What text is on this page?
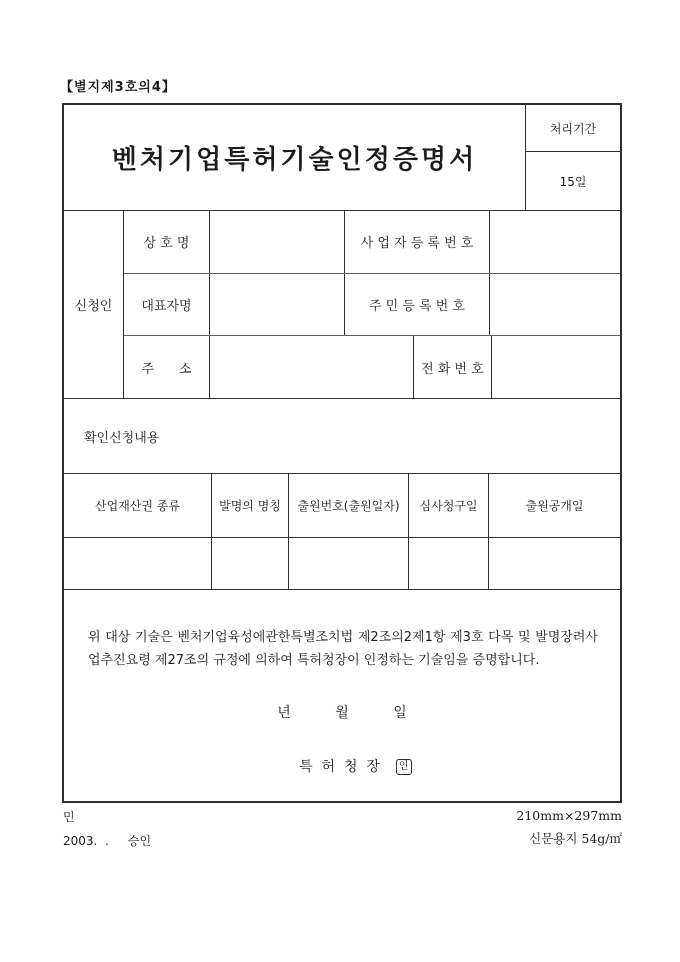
【별지제3호의4】
벤처기업특허기술인정증명서
처리기간
15일
신청인
상 호 명	사 업 자 등 록 번 호
대표자명	주 민 등 록 번 호
주      소	전 화 번 호
확인신청내용
산업재산권 종류	발명의 명칭	출원번호(출원일자)	심사청구일	출원공개일
위 대상 기술은 벤처기업육성에관한특별조치법 제2조의2제1항 제3호 다목 및 발명장려사업추진요령 제27조의 규정에 의하여 특허청장이 인정하는 기술임을 증명합니다.
년          월          일

특  허  청  장 인

민
2003.  .     승인
210mm×297mm
신문용지 54g/㎡
